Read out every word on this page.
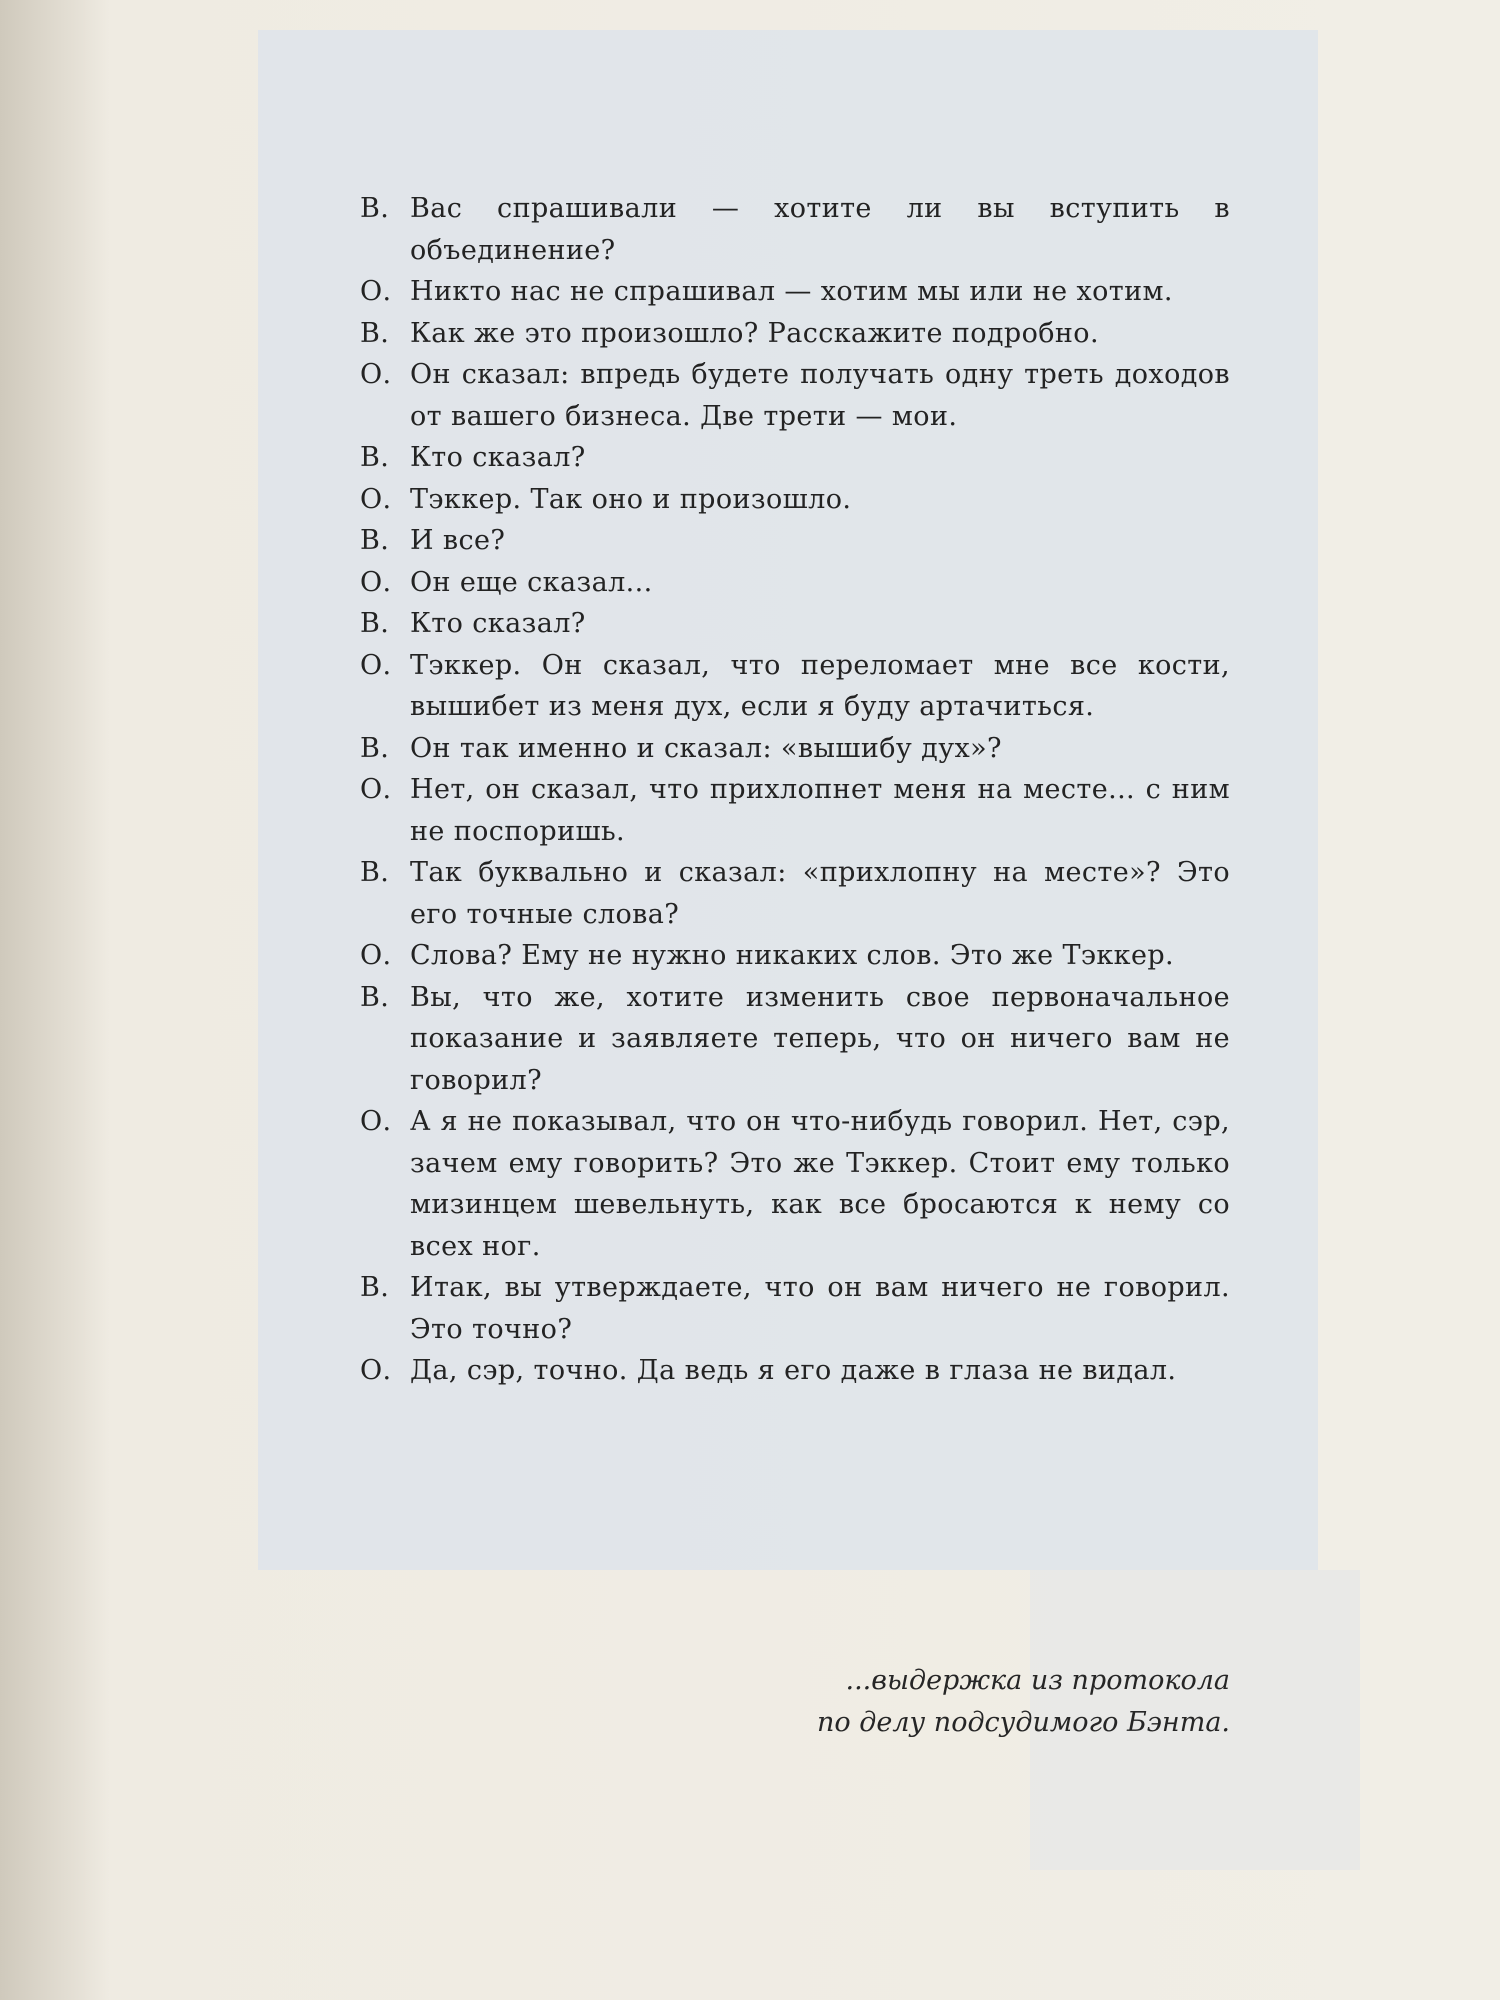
В. Вас спрашивали — хотите ли вы вступить в объединение?
О. Никто нас не спрашивал — хотим мы или не хотим.
В. Как же это произошло? Расскажите подробно.
О. Он сказал: впредь будете получать одну треть доходов от вашего бизнеса. Две трети — мои.
В. Кто сказал?
О. Тэккер. Так оно и произошло.
В. И все?
О. Он еще сказал...
В. Кто сказал?
О. Тэккер. Он сказал, что переломает мне все кости, вышибет из меня дух, если я буду артачиться.
В. Он так именно и сказал: «вышибу дух»?
О. Нет, он сказал, что прихлопнет меня на месте... с ним не поспоришь.
В. Так буквально и сказал: «прихлопну на месте»? Это его точные слова?
О. Слова? Ему не нужно никаких слов. Это же Тэккер.
В. Вы, что же, хотите изменить свое первоначальное показание и заявляете теперь, что он ничего вам не говорил?
О. А я не показывал, что он что-нибудь говорил. Нет, сэр, зачем ему говорить? Это же Тэккер. Стоит ему только мизинцем шевельнуть, как все бросаются к нему со всех ног.
В. Итак, вы утверждаете, что он вам ничего не говорил. Это точно?
О. Да, сэр, точно. Да ведь я его даже в глаза не видал.
...выдержка из протокола
по делу подсудимого Бэнта.
